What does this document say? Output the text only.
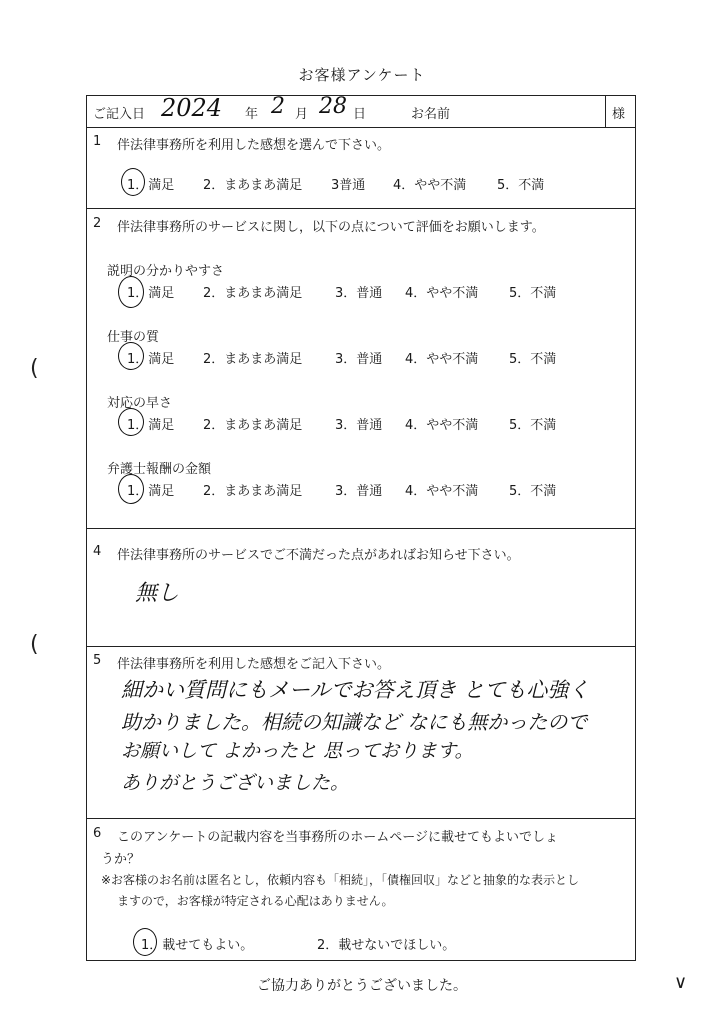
お客様アンケート
(
(
∨
ご記入日 2024 年 2 月 28 日	お名前	様
1 伴法律事務所を利用した感想を選んで下さい。
1．満足 2．まあまあ満足 3普通 4．やや不満 5．不満
2 伴法律事務所のサービスに関し，以下の点について評価をお願いします。
説明の分かりやすさ
1．満足 2．まあまあ満足	3．普通 4．やや不満 5．不満
仕事の質
1．満足 2．まあまあ満足	3．普通 4．やや不満 5．不満
対応の早さ
1．満足 2．まあまあ満足	3．普通 4．やや不満 5．不満
弁護士報酬の金額
1．満足 2．まあまあ満足	3．普通 4．やや不満 5．不満
4 伴法律事務所のサービスでご不満だった点があればお知らせ下さい。
無し
5 伴法律事務所を利用した感想をご記入下さい。
細かい質問にもメールでお答え頂き とても心強く
助かりました。相続の知識など なにも無かったので
お願いして よかったと 思っております。
ありがとうございました。
6 このアンケートの記載内容を当事務所のホームページに載せてもよいでしょ
うか？
※お客様のお名前は匿名とし，依頼内容も「相続」，「債権回収」などと抽象的な表示とし
ますので，お客様が特定される心配はありません。
1．載せてもよい。	2．載せないでほしい。
ご協力ありがとうございました。
